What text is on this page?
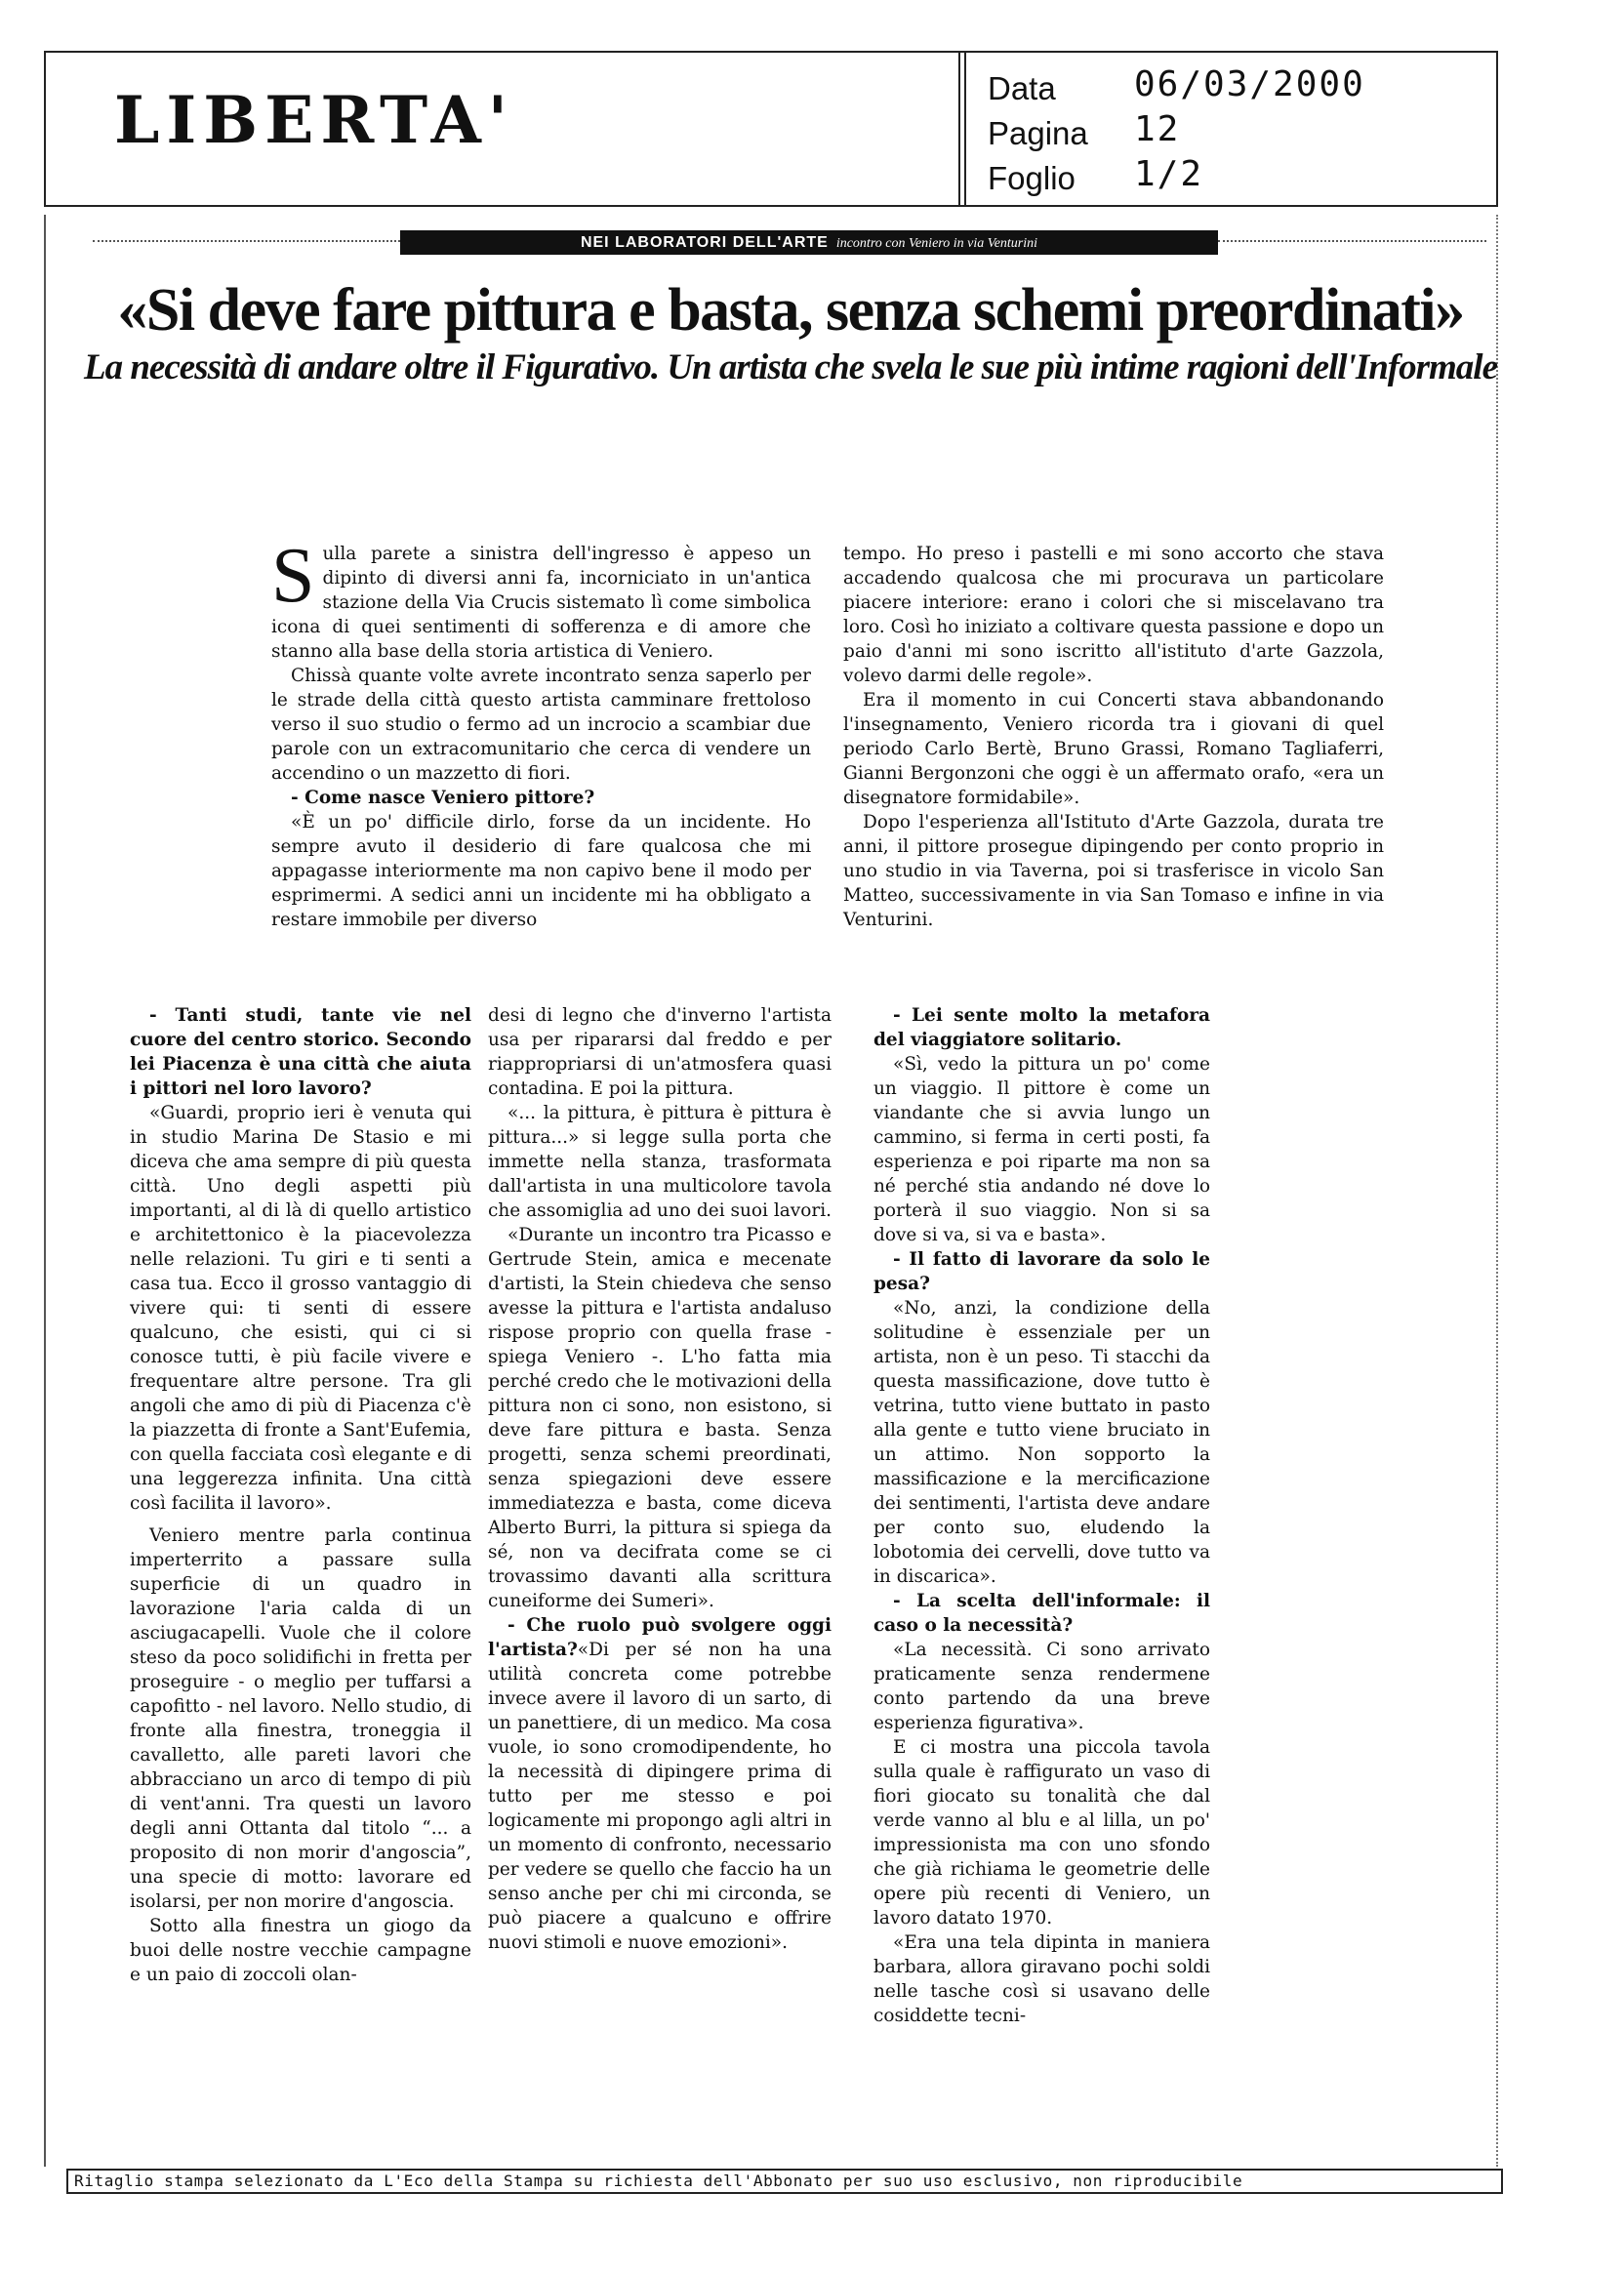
LIBERTA'	Data
Pagina
Foglio
06/03/2000
12
1/2
NEI LABORATORI DELL'ARTE incontro con Veniero in via Venturini
«Si deve fare pittura e basta, senza schemi preordinati»
La necessità di andare oltre il Figurativo. Un artista che svela le sue più intime ragioni dell'Informale

Sulla parete a sinistra dell'ingresso è appeso un dipinto di diversi anni fa, incorniciato in un'antica stazione della Via Crucis sistemato lì come simbolica icona di quei sentimenti di sofferenza e di amore che stanno alla base della storia artistica di Veniero.

Chissà quante volte avrete incontrato senza saperlo per le strade della città questo artista camminare frettoloso verso il suo studio o fermo ad un incrocio a scambiar due parole con un extracomunitario che cerca di vendere un accendino o un mazzetto di fiori.

- Come nasce Veniero pittore?

«È un po' difficile dirlo, forse da un incidente. Ho sempre avuto il desiderio di fare qualcosa che mi appagasse interiormente ma non capivo bene il modo per esprimermi. A sedici anni un incidente mi ha obbligato a restare immobile per diverso

tempo. Ho preso i pastelli e mi sono accorto che stava accadendo qualcosa che mi procurava un particolare piacere interiore: erano i colori che si miscelavano tra loro. Così ho iniziato a coltivare questa passione e dopo un paio d'anni mi sono iscritto all'istituto d'arte Gazzola, volevo darmi delle regole».

Era il momento in cui Concerti stava abbandonando l'insegnamento, Veniero ricorda tra i giovani di quel periodo Carlo Bertè, Bruno Grassi, Romano Tagliaferri, Gianni Bergonzoni che oggi è un affermato orafo, «era un disegnatore formidabile».

Dopo l'esperienza all'Istituto d'Arte Gazzola, durata tre anni, il pittore prosegue dipingendo per conto proprio in uno studio in via Taverna, poi si trasferisce in vicolo San Matteo, successivamente in via San Tomaso e infine in via Venturini.

- Tanti studi, tante vie nel cuore del centro storico. Secondo lei Piacenza è una città che aiuta i pittori nel loro lavoro?

«Guardi, proprio ieri è venuta qui in studio Marina De Stasio e mi diceva che ama sempre di più questa città. Uno degli aspetti più importanti, al di là di quello artistico e architettonico è la piacevolezza nelle relazioni. Tu giri e ti senti a casa tua. Ecco il grosso vantaggio di vivere qui: ti senti di essere qualcuno, che esisti, qui ci si conosce tutti, è più facile vivere e frequentare altre persone. Tra gli angoli che amo di più di Piacenza c'è la piazzetta di fronte a Sant'Eufemia, con quella facciata così elegante e di una leggerezza infinita. Una città così facilita il lavoro».

Veniero mentre parla continua imperterrito a passare sulla superficie di un quadro in lavorazione l'aria calda di un asciugacapelli. Vuole che il colore steso da poco solidifichi in fretta per proseguire - o meglio per tuffarsi a capofitto - nel lavoro. Nello studio, di fronte alla finestra, troneggia il cavalletto, alle pareti lavori che abbracciano un arco di tempo di più di vent'anni. Tra questi un lavoro degli anni Ottanta dal titolo “... a proposito di non morir d'angoscia”, una specie di motto: lavorare ed isolarsi, per non morire d'angoscia.

Sotto alla finestra un giogo da buoi delle nostre vecchie campagne e un paio di zoccoli olan-

desi di legno che d'inverno l'artista usa per ripararsi dal freddo e per riappropriarsi di un'atmosfera quasi contadina. E poi la pittura.

«... la pittura, è pittura è pittura è pittura...» si legge sulla porta che immette nella stanza, trasformata dall'artista in una multicolore tavola che assomiglia ad uno dei suoi lavori.

«Durante un incontro tra Picasso e Gertrude Stein, amica e mecenate d'artisti, la Stein chiedeva che senso avesse la pittura e l'artista andaluso rispose proprio con quella frase - spiega Veniero -. L'ho fatta mia perché credo che le motivazioni della pittura non ci sono, non esistono, si deve fare pittura e basta. Senza progetti, senza schemi preordinati, senza spiegazioni deve essere immediatezza e basta, come diceva Alberto Burri, la pittura si spiega da sé, non va decifrata come se ci trovassimo davanti alla scrittura cuneiforme dei Sumeri».

- Che ruolo può svolgere oggi l'artista?«Di per sé non ha una utilità concreta come potrebbe invece avere il lavoro di un sarto, di un panettiere, di un medico. Ma cosa vuole, io sono cromodipendente, ho la necessità di dipingere prima di tutto per me stesso e poi logicamente mi propongo agli altri in un momento di confronto, necessario per vedere se quello che faccio ha un senso anche per chi mi circonda, se può piacere a qualcuno e offrire nuovi stimoli e nuove emozioni».

- Lei sente molto la metafora del viaggiatore solitario.

«Sì, vedo la pittura un po' come un viaggio. Il pittore è come un viandante che si avvia lungo un cammino, si ferma in certi posti, fa esperienza e poi riparte ma non sa né perché stia andando né dove lo porterà il suo viaggio. Non si sa dove si va, si va e basta».

- Il fatto di lavorare da solo le pesa?

«No, anzi, la condizione della solitudine è essenziale per un artista, non è un peso. Ti stacchi da questa massificazione, dove tutto è vetrina, tutto viene buttato in pasto alla gente e tutto viene bruciato in un attimo. Non sopporto la massificazione e la mercificazione dei sentimenti, l'artista deve andare per conto suo, eludendo la lobotomia dei cervelli, dove tutto va in discarica».

- La scelta dell'informale: il caso o la necessità?

«La necessità. Ci sono arrivato praticamente senza rendermene conto partendo da una breve esperienza figurativa».

E ci mostra una piccola tavola sulla quale è raffigurato un vaso di fiori giocato su tonalità che dal verde vanno al blu e al lilla, un po' impressionista ma con uno sfondo che già richiama le geometrie delle opere più recenti di Veniero, un lavoro datato 1970.

«Era una tela dipinta in maniera barbara, allora giravano pochi soldi nelle tasche così si usavano delle cosiddette tecni-

Ritaglio stampa selezionato da L'Eco della Stampa su richiesta dell'Abbonato per suo uso esclusivo, non riproducibile
